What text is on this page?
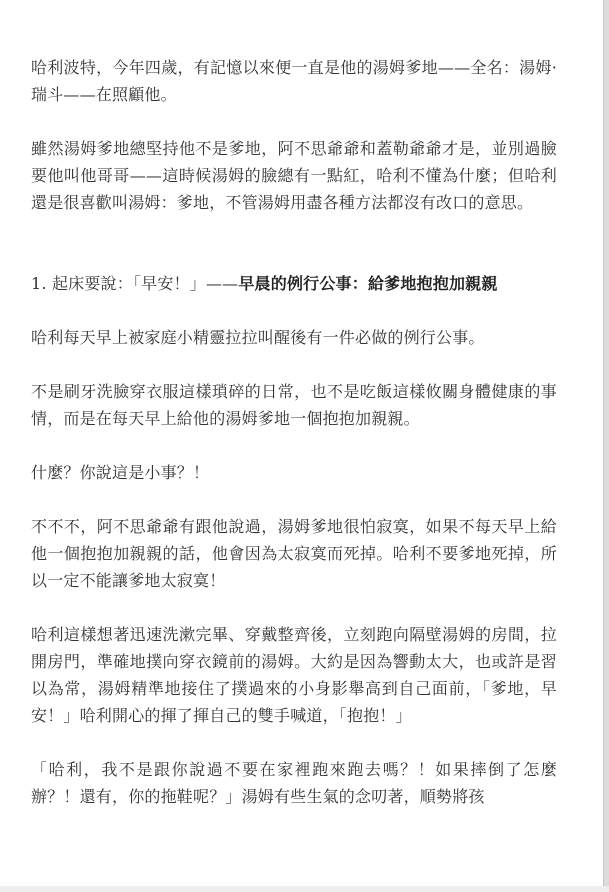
哈利波特，今年四歲，有記憶以來便一直是他的湯姆爹地——全名：湯姆·瑞斗——在照顧他。

雖然湯姆爹地總堅持他不是爹地，阿不思爺爺和蓋勒爺爺才是，並別過臉要他叫他哥哥——這時候湯姆的臉總有一點紅，哈利不懂為什麼；但哈利還是很喜歡叫湯姆：爹地，不管湯姆用盡各種方法都沒有改口的意思。

1. 起床要說：「早安！」——早晨的例行公事：給爹地抱抱加親親

哈利每天早上被家庭小精靈拉拉叫醒後有一件必做的例行公事。

不是刷牙洗臉穿衣服這樣瑣碎的日常，也不是吃飯這樣攸關身體健康的事情，而是在每天早上給他的湯姆爹地一個抱抱加親親。

什麼？你說這是小事？！

不不不，阿不思爺爺有跟他說過，湯姆爹地很怕寂寞，如果不每天早上給他一個抱抱加親親的話，他會因為太寂寞而死掉。哈利不要爹地死掉，所以一定不能讓爹地太寂寞！

哈利這樣想著迅速洗漱完畢、穿戴整齊後，立刻跑向隔壁湯姆的房間，拉開房門，準確地撲向穿衣鏡前的湯姆。大約是因為響動太大，也或許是習以為常，湯姆精準地接住了撲過來的小身影舉高到自己面前，「爹地，早安！」哈利開心的揮了揮自己的雙手喊道，「抱抱！」

「哈利，我不是跟你說過不要在家裡跑來跑去嗎？！如果摔倒了怎麼辦？！還有，你的拖鞋呢？」湯姆有些生氣的念叨著，順勢將孩
